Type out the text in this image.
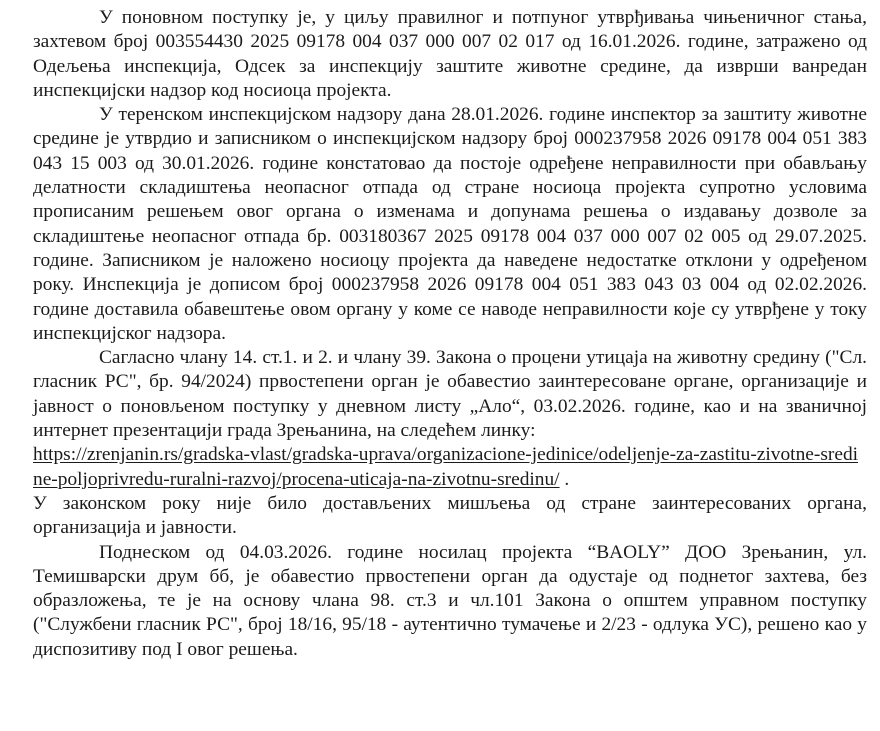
У поновном поступку је, у циљу правилног и потпуног утврђивања чињеничног стања, захтевом број 003554430 2025 09178 004 037 000 007 02 017 од 16.01.2026. године, затражено од Одељења инспекција, Одсек за инспекцију заштите животне средине, да изврши ванредан инспекцијски надзор код носиоца пројекта.

У теренском инспекцијском надзору дана 28.01.2026. године инспектор за заштиту животне средине је утврдио и записником о инспекцијском надзору број 000237958 2026 09178 004 051 383 043 15 003 од 30.01.2026. године констатовао да постоје одређене неправилности при обављању делатности складиштења неопасног отпада од стране носиоца пројекта супротно условима прописаним решењем овог органа о изменама и допунама решења о издавању дозволе за складиштење неопасног отпада бр. 003180367 2025 09178 004 037 000 007 02 005 од 29.07.2025. године. Записником је наложено носиоцу пројекта да наведене недостатке отклони у одређеном року. Инспекција је дописом број 000237958 2026 09178 004 051 383 043 03 004 од 02.02.2026. године доставила обавештење овом органу у коме се наводе неправилности које су утврђене у току инспекцијског надзора.

Сагласно члану 14. ст.1. и 2. и члану 39. Закона о процени утицаја на животну средину ("Сл. гласник РС", бр. 94/2024) првостепени орган је обавестио заинтересоване органе, организације и јавност о поновљеном поступку у дневном листу „Ало“, 03.02.2026. године, као и на званичној интернет презентацији града Зрењанина, на следећем линку:

https://zrenjanin.rs/gradska-vlast/gradska-uprava/organizacione-jedinice/odeljenje-za-zastitu-zivotne-sredine-poljoprivredu-ruralni-razvoj/procena-uticaja-na-zivotnu-sredinu/ .

У законском року није било достављених мишљења од стране заинтересованих органа, организација и јавности.

Поднеском од 04.03.2026. године носилац пројекта “BAOLY” ДОО Зрењанин, ул. Темишварски друм бб, је обавестио првостепени орган да одустаје од поднетог захтева, без образложења, те је на основу члана 98. ст.3 и чл.101 Закона о општем управном поступку ("Службени гласник РС", број 18/16, 95/18 - аутентично тумачење и 2/23 - одлука УС), решено као у диспозитиву под I овог решења.
